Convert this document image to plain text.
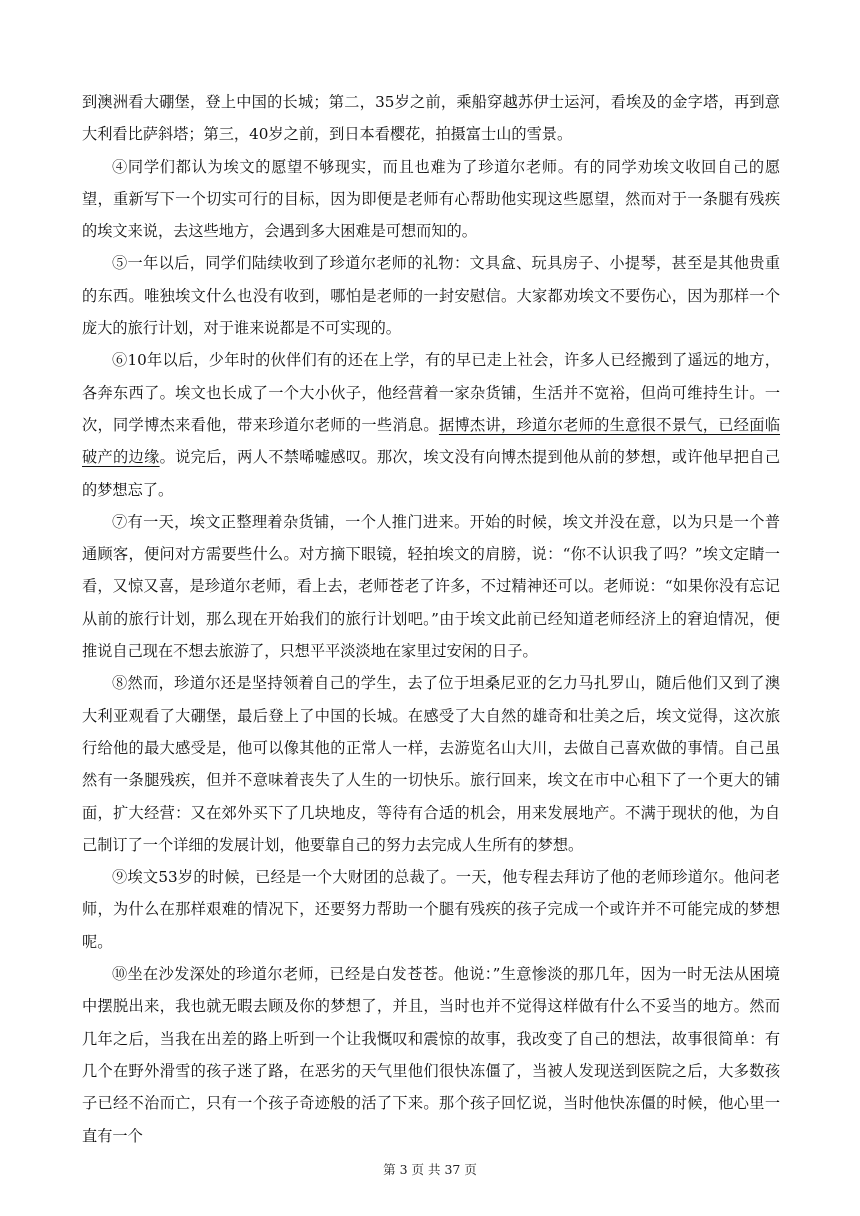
到澳洲看大硼堡，登上中国的长城；第二，35岁之前，乘船穿越苏伊士运河，看埃及的金字塔，再到意大利看比萨斜塔；第三，40岁之前，到日本看樱花，拍摄富士山的雪景。

④同学们都认为埃文的愿望不够现实，而且也难为了珍道尔老师。有的同学劝埃文收回自己的愿望，重新写下一个切实可行的目标，因为即便是老师有心帮助他实现这些愿望，然而对于一条腿有残疾的埃文来说，去这些地方，会遇到多大困难是可想而知的。

⑤一年以后，同学们陆续收到了珍道尔老师的礼物：文具盒、玩具房子、小提琴，甚至是其他贵重的东西。唯独埃文什么也没有收到，哪怕是老师的一封安慰信。大家都劝埃文不要伤心，因为那样一个庞大的旅行计划，对于谁来说都是不可实现的。

⑥10年以后，少年时的伙伴们有的还在上学，有的早已走上社会，许多人已经搬到了遥远的地方，各奔东西了。埃文也长成了一个大小伙子，他经营着一家杂货铺，生活并不宽裕，但尚可维持生计。一次，同学博杰来看他，带来珍道尔老师的一些消息。据博杰讲，珍道尔老师的生意很不景气，已经面临破产的边缘。说完后，两人不禁唏嘘感叹。那次，埃文没有向博杰提到他从前的梦想，或许他早把自己的梦想忘了。

⑦有一天，埃文正整理着杂货铺，一个人推门进来。开始的时候，埃文并没在意，以为只是一个普通顾客，便问对方需要些什么。对方摘下眼镜，轻拍埃文的肩膀，说：“你不认识我了吗？”埃文定睛一看，又惊又喜，是珍道尔老师，看上去，老师苍老了许多，不过精神还可以。老师说：“如果你没有忘记从前的旅行计划，那么现在开始我们的旅行计划吧。”由于埃文此前已经知道老师经济上的窘迫情况，便推说自己现在不想去旅游了，只想平平淡淡地在家里过安闲的日子。

⑧然而，珍道尔还是坚持领着自己的学生，去了位于坦桑尼亚的乞力马扎罗山，随后他们又到了澳大利亚观看了大硼堡，最后登上了中国的长城。在感受了大自然的雄奇和壮美之后，埃文觉得，这次旅行给他的最大感受是，他可以像其他的正常人一样，去游览名山大川，去做自己喜欢做的事情。自己虽然有一条腿残疾，但并不意味着丧失了人生的一切快乐。旅行回来，埃文在市中心租下了一个更大的铺面，扩大经营：又在郊外买下了几块地皮，等待有合适的机会，用来发展地产。不满于现状的他，为自己制订了一个详细的发展计划，他要靠自己的努力去完成人生所有的梦想。

⑨埃文53岁的时候，已经是一个大财团的总裁了。一天，他专程去拜访了他的老师珍道尔。他问老师，为什么在那样艰难的情况下，还要努力帮助一个腿有残疾的孩子完成一个或许并不可能完成的梦想呢。

⑩坐在沙发深处的珍道尔老师，已经是白发苍苍。他说：”生意惨淡的那几年，因为一时无法从困境中摆脱出来，我也就无暇去顾及你的梦想了，并且，当时也并不觉得这样做有什么不妥当的地方。然而几年之后，当我在出差的路上听到一个让我慨叹和震惊的故事，我改变了自己的想法，故事很简单：有几个在野外滑雪的孩子迷了路，在恶劣的天气里他们很快冻僵了，当被人发现送到医院之后，大多数孩子已经不治而亡，只有一个孩子奇迹般的活了下来。那个孩子回忆说，当时他快冻僵的时候，他心里一直有一个

第 3 页 共 37 页
